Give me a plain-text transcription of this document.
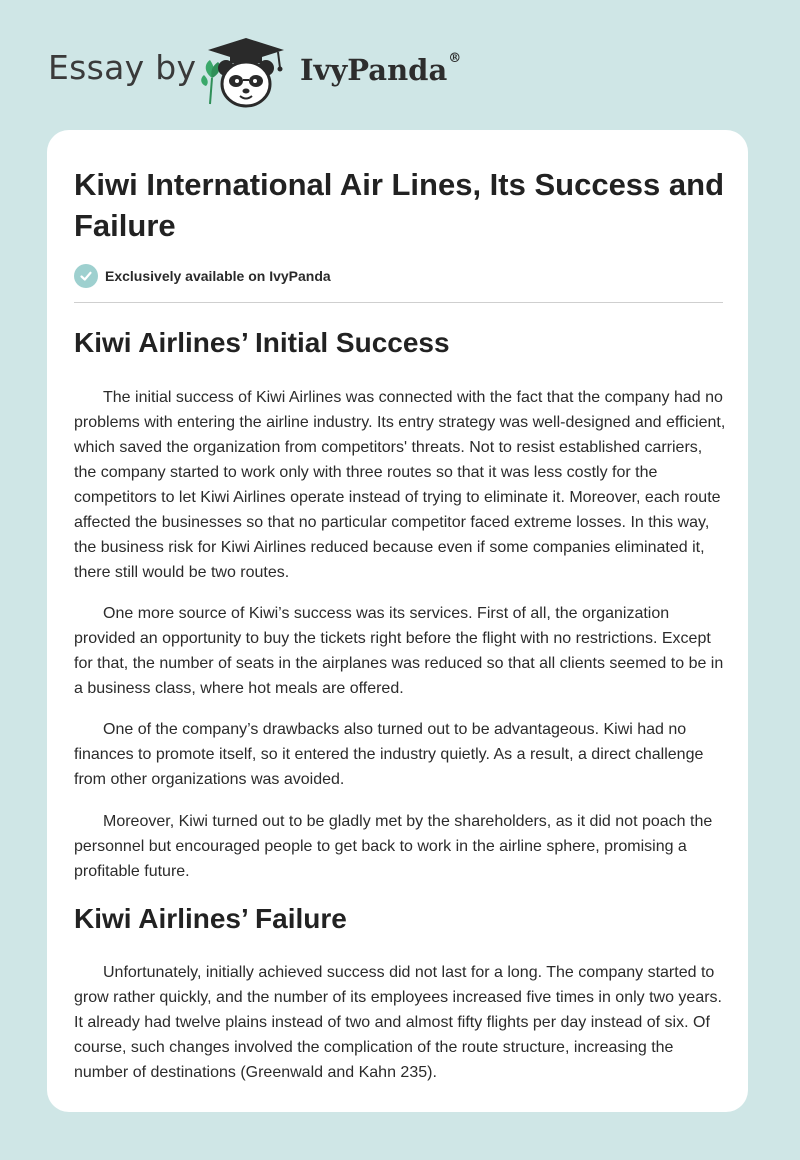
Essay by	IvyPanda®
Kiwi International Air Lines, Its Success and Failure
Exclusively available on IvyPanda
Kiwi Airlines’ Initial Success

The initial success of Kiwi Airlines was connected with the fact that the company had no problems with entering the airline industry. Its entry strategy was well-designed and efficient, which saved the organization from competitors' threats. Not to resist established carriers, the company started to work only with three routes so that it was less costly for the competitors to let Kiwi Airlines operate instead of trying to eliminate it. Moreover, each route affected the businesses so that no particular competitor faced extreme losses. In this way, the business risk for Kiwi Airlines reduced because even if some companies eliminated it, there still would be two routes.

One more source of Kiwi’s success was its services. First of all, the organization provided an opportunity to buy the tickets right before the flight with no restrictions. Except for that, the number of seats in the airplanes was reduced so that all clients seemed to be in a business class, where hot meals are offered.

One of the company’s drawbacks also turned out to be advantageous. Kiwi had no finances to promote itself, so it entered the industry quietly. As a result, a direct challenge from other organizations was avoided.

Moreover, Kiwi turned out to be gladly met by the shareholders, as it did not poach the personnel but encouraged people to get back to work in the airline sphere, promising a profitable future.

Kiwi Airlines’ Failure

Unfortunately, initially achieved success did not last for a long. The company started to grow rather quickly, and the number of its employees increased five times in only two years. It already had twelve plains instead of two and almost fifty flights per day instead of six. Of course, such changes involved the complication of the route structure, increasing the number of destinations (Greenwald and Kahn 235).
